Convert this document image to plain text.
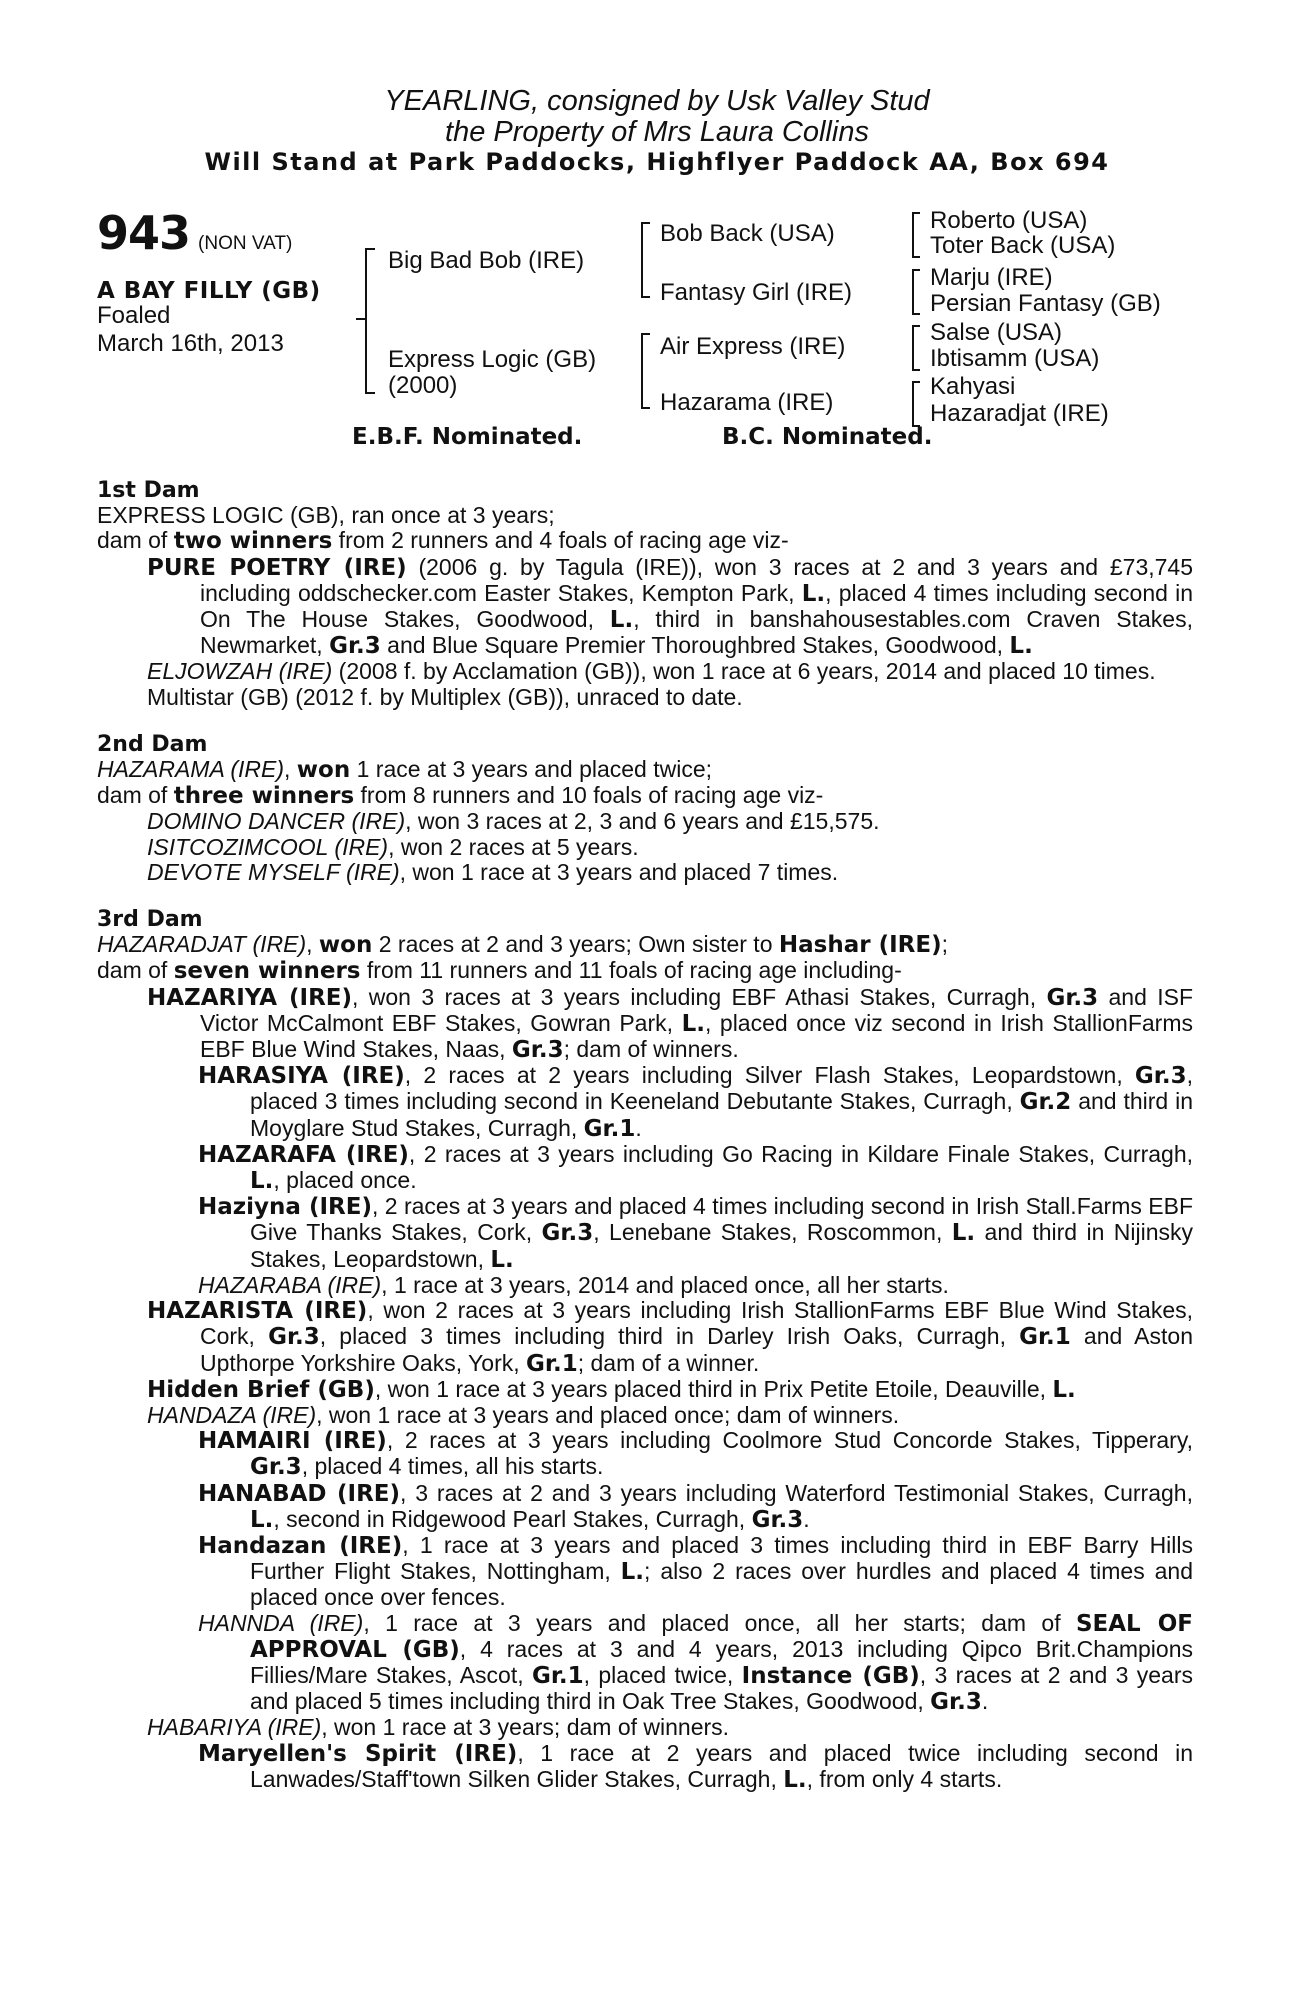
YEARLING, consigned by Usk Valley Stud
the Property of Mrs Laura Collins
Will Stand at Park Paddocks, Highflyer Paddock AA, Box 694
943 (NON VAT)
A BAY FILLY (GB)
Foaled
March 16th, 2013
Big Bad Bob (IRE)
Express Logic (GB)
(2000)
Bob Back (USA)
Fantasy Girl (IRE)
Air Express (IRE)
Hazarama (IRE)
Roberto (USA)
Toter Back (USA)
Marju (IRE)
Persian Fantasy (GB)
Salse (USA)
Ibtisamm (USA)
Kahyasi
Hazaradjat (IRE)
E.B.F. Nominated.	B.C. Nominated.

1st Dam

EXPRESS LOGIC (GB), ran once at 3 years;

dam of two winners from 2 runners and 4 foals of racing age viz-

PURE POETRY (IRE) (2006 g. by Tagula (IRE)), won 3 races at 2 and 3 years and £73,745 including oddschecker.com Easter Stakes, Kempton Park, L., placed 4 times including second in On The House Stakes, Goodwood, L., third in banshahousestables.com Craven Stakes, Newmarket, Gr.3 and Blue Square Premier Thoroughbred Stakes, Goodwood, L.

ELJOWZAH (IRE) (2008 f. by Acclamation (GB)), won 1 race at 6 years, 2014 and placed 10 times.

Multistar (GB) (2012 f. by Multiplex (GB)), unraced to date.

2nd Dam

HAZARAMA (IRE), won 1 race at 3 years and placed twice;

dam of three winners from 8 runners and 10 foals of racing age viz-

DOMINO DANCER (IRE), won 3 races at 2, 3 and 6 years and £15,575.

ISITCOZIMCOOL (IRE), won 2 races at 5 years.

DEVOTE MYSELF (IRE), won 1 race at 3 years and placed 7 times.

3rd Dam

HAZARADJAT (IRE), won 2 races at 2 and 3 years; Own sister to Hashar (IRE);

dam of seven winners from 11 runners and 11 foals of racing age including-

HAZARIYA (IRE), won 3 races at 3 years including EBF Athasi Stakes, Curragh, Gr.3 and ISF Victor McCalmont EBF Stakes, Gowran Park, L., placed once viz second in Irish StallionFarms EBF Blue Wind Stakes, Naas, Gr.3; dam of winners.

HARASIYA (IRE), 2 races at 2 years including Silver Flash Stakes, Leopardstown, Gr.3, placed 3 times including second in Keeneland Debutante Stakes, Curragh, Gr.2 and third in Moyglare Stud Stakes, Curragh, Gr.1.

HAZARAFA (IRE), 2 races at 3 years including Go Racing in Kildare Finale Stakes, Curragh, L., placed once.

Haziyna (IRE), 2 races at 3 years and placed 4 times including second in Irish Stall.Farms EBF Give Thanks Stakes, Cork, Gr.3, Lenebane Stakes, Roscommon, L. and third in Nijinsky Stakes, Leopardstown, L.

HAZARABA (IRE), 1 race at 3 years, 2014 and placed once, all her starts.

HAZARISTA (IRE), won 2 races at 3 years including Irish StallionFarms EBF Blue Wind Stakes, Cork, Gr.3, placed 3 times including third in Darley Irish Oaks, Curragh, Gr.1 and Aston Upthorpe Yorkshire Oaks, York, Gr.1; dam of a winner.

Hidden Brief (GB), won 1 race at 3 years placed third in Prix Petite Etoile, Deauville, L.

HANDAZA (IRE), won 1 race at 3 years and placed once; dam of winners.

HAMAIRI (IRE), 2 races at 3 years including Coolmore Stud Concorde Stakes, Tipperary, Gr.3, placed 4 times, all his starts.

HANABAD (IRE), 3 races at 2 and 3 years including Waterford Testimonial Stakes, Curragh, L., second in Ridgewood Pearl Stakes, Curragh, Gr.3.

Handazan (IRE), 1 race at 3 years and placed 3 times including third in EBF Barry Hills Further Flight Stakes, Nottingham, L.; also 2 races over hurdles and placed 4 times and placed once over fences.

HANNDA (IRE), 1 race at 3 years and placed once, all her starts; dam of SEAL OF APPROVAL (GB), 4 races at 3 and 4 years, 2013 including Qipco Brit.Champions Fillies/Mare Stakes, Ascot, Gr.1, placed twice, Instance (GB), 3 races at 2 and 3 years and placed 5 times including third in Oak Tree Stakes, Goodwood, Gr.3.

HABARIYA (IRE), won 1 race at 3 years; dam of winners.

Maryellen's Spirit (IRE), 1 race at 2 years and placed twice including second in Lanwades/Staff'town Silken Glider Stakes, Curragh, L., from only 4 starts.
